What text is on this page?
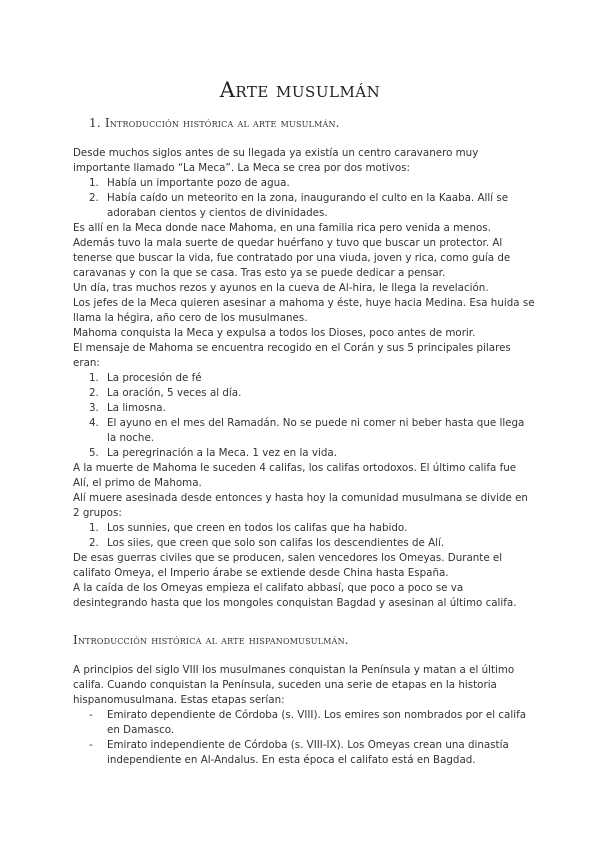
Arte musulmán
1. Introducción histórica al arte musulmán.

Desde muchos siglos antes de su llegada ya existía un centro caravanero muy importante llamado “La Meca”. La Meca se crea por dos motivos:

1. Había un importante pozo de agua.
2. Había caído un meteorito en la zona, inaugurando el culto en la Kaaba. Allí se adoraban cientos y cientos de divinidades.

Es allí en la Meca donde nace Mahoma, en una familia rica pero venida a menos. Además tuvo la mala suerte de quedar huérfano y tuvo que buscar un protector. Al tenerse que buscar la vida, fue contratado por una viuda, joven y rica, como guía de caravanas y con la que se casa. Tras esto ya se puede dedicar a pensar.

Un día, tras muchos rezos y ayunos en la cueva de Al-hira, le llega la revelación.

Los jefes de la Meca quieren asesinar a mahoma y éste, huye hacia Medina. Esa huida se llama la hégira, año cero de los musulmanes.

Mahoma conquista la Meca y expulsa a todos los Dioses, poco antes de morir.

El mensaje de Mahoma se encuentra recogido en el Corán y sus 5 principales pilares eran:

1. La procesión de fé
2. La oración, 5 veces al día.
3. La limosna.
4. El ayuno en el mes del Ramadán. No se puede ni comer ni beber hasta que llega la noche.
5. La peregrinación a la Meca. 1 vez en la vida.

A la muerte de Mahoma le suceden 4 califas, los califas ortodoxos. El último califa fue Alí, el primo de Mahoma.

Alí muere asesinada desde entonces y hasta hoy la comunidad musulmana se divide en 2 grupos:

1. Los sunnies, que creen en todos los califas que ha habido.
2. Los siies, que creen que solo son califas los descendientes de Alí.

De esas guerras civiles que se producen, salen vencedores los Omeyas. Durante el califato Omeya, el Imperio árabe se extiende desde China hasta España.

A la caída de los Omeyas empieza el califato abbasí, que poco a poco se va desintegrando hasta que los mongoles conquistan Bagdad y asesinan al último califa.

Introducción histórica al arte hispanomusulmán.

A principios del siglo VIII los musulmanes conquistan la Península y matan a el último califa. Cuando conquistan la Península, suceden una serie de etapas en la historia hispanomusulmana. Estas etapas serían:

- Emirato dependiente de Córdoba (s. VIII). Los emires son nombrados por el califa en Damasco.
- Emirato independiente de Córdoba (s. VIII-IX). Los Omeyas crean una dinastía independiente en Al-Andalus. En esta época el califato está en Bagdad.
